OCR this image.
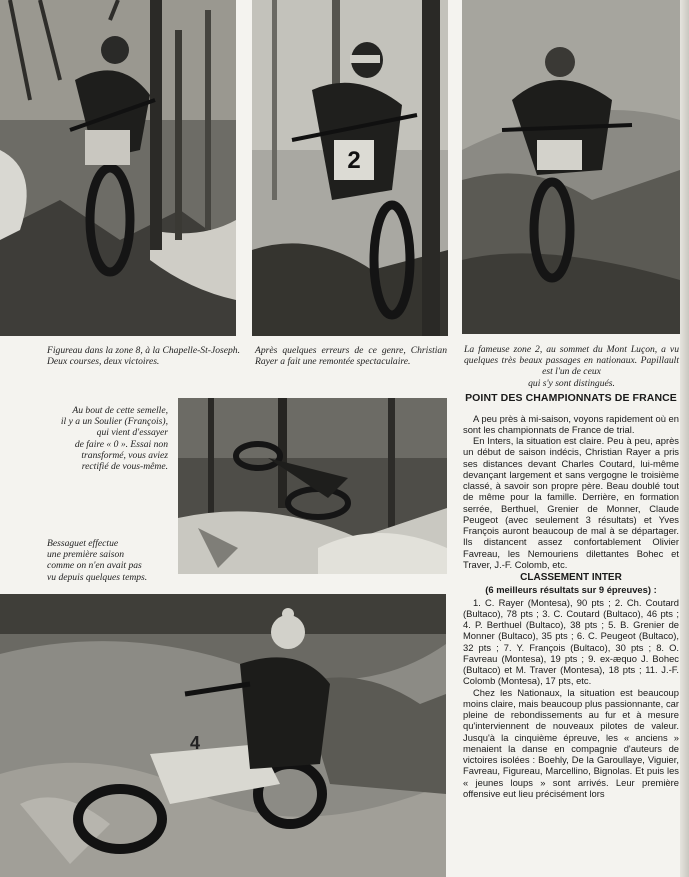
2
4
Figureau dans la zone 8, à la Chapelle-St-Joseph. Deux courses, deux victoires.
Après quelques erreurs de ce genre, Christian Rayer a fait une remontée spectaculaire.
La fameuse zone 2, au sommet du Mont Luçon, a vu quelques très beaux passages en nationaux. Papillault est l'un de ceux
qui s'y sont distingués.
Au bout de cette semelle,
il y a un Soulier (François),
qui vient d'essayer
de faire « 0 ». Essai non
transformé, vous aviez
rectifié de vous-même.
Bessaguet effectue
une première saison
comme on n'en avait pas
vu depuis quelques temps.
POINT DES CHAMPIONNATS DE FRANCE

A peu près à mi-saison, voyons rapidement où en sont les championnats de France de trial.

En Inters, la situation est claire. Peu à peu, après un début de saison indécis, Christian Rayer a pris ses distances devant Charles Coutard, lui-même devançant largement et sans vergogne le troisième classé, à savoir son propre père. Beau doublé tout de même pour la famille. Derrière, en formation serrée, Berthuel, Grenier de Monner, Claude Peugeot (avec seulement 3 résultats) et Yves François auront beaucoup de mal à se départager. Ils distancent assez confortablement Olivier Favreau, les Nemouriens dilettantes Bohec et Traver, J.-F. Colomb, etc.

CLASSEMENT INTER
(6 meilleurs résultats sur 9 épreuves) :

1. C. Rayer (Montesa), 90 pts ; 2. Ch. Coutard (Bultaco), 78 pts ; 3. C. Coutard (Bultaco), 46 pts ; 4. P. Berthuel (Bultaco), 38 pts ; 5. B. Grenier de Monner (Bultaco), 35 pts ; 6. C. Peugeot (Bultaco), 32 pts ; 7. Y. François (Bultaco), 30 pts ; 8. O. Favreau (Montesa), 19 pts ; 9. ex-æquo J. Bohec (Bultaco) et M. Traver (Montesa), 18 pts ; 11. J.-F. Colomb (Montesa), 17 pts, etc.

Chez les Nationaux, la situation est beaucoup moins claire, mais beaucoup plus passionnante, car pleine de rebondissements au fur et à mesure qu'interviennent de nouveaux pilotes de valeur. Jusqu'à la cinquième épreuve, les « anciens » menaient la danse en compagnie d'auteurs de victoires isolées : Boehly, De la Garoullaye, Viguier, Favreau, Figureau, Marcellino, Bignolas. Et puis les « jeunes loups » sont arrivés. Leur première offensive eut lieu précisément lors
